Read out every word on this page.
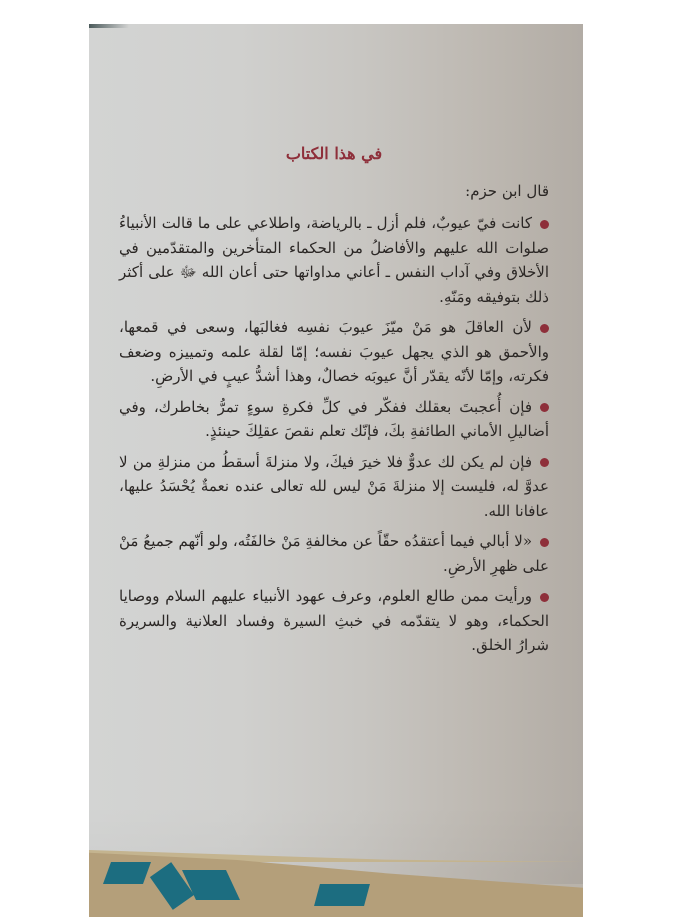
في هذا الكتاب
قال ابن حزم:
كانت فيّ عيوبٌ، فلم أزل ـ بالرياضة، واطلاعي على ما قالت الأنبياءُ صلوات الله عليهم والأفاضلُ من الحكماء المتأخرين والمتقدّمين في الأخلاق وفي آداب النفس ـ أعاني مداواتها حتى أعان الله ﷻ على أكثر ذلك بتوفيقه ومَنّهِ.
لأن العاقلَ هو مَنْ ميّزَ عيوبَ نفسِه فغالبَها، وسعى في قمعها، والأحمق هو الذي يجهل عيوبَ نفسه؛ إمّا لقلة علمه وتمييزه وضعف فكرته، وإمّا لأنّه يقدّر أنَّ عيوبَه خصالٌ، وهذا أشدُّ عيبٍ في الأرضِ.
فإن أُعجبتَ بعقلك ففكّر في كلِّ فكرةِ سوءٍ تمرُّ بخاطرك، وفي أضاليلِ الأماني الطائفةِ بكَ، فإنّك تعلم نقصَ عقلِكَ حينئذٍ.
فإن لم يكن لك عدوٌّ فلا خيرَ فيكَ، ولا منزلةَ أسقطُ من منزلةِ من لا عدوَّ له، فليست إلا منزلةَ مَنْ ليس لله تعالى عنده نعمةٌ يُحْسَدُ عليها، عافانا الله.
«لا أبالي فيما أعتقدُه حقّاً عن مخالفةِ مَنْ خالفَتُه، ولو أنّهم جميعُ مَنْ على ظهرِ الأرضِ.
ورأيت ممن طالع العلوم، وعرف عهود الأنبياء عليهم السلام ووصايا الحكماء، وهو لا يتقدّمه في خبثِ السيرة وفساد العلانية والسريرة شرارُ الخلق.
